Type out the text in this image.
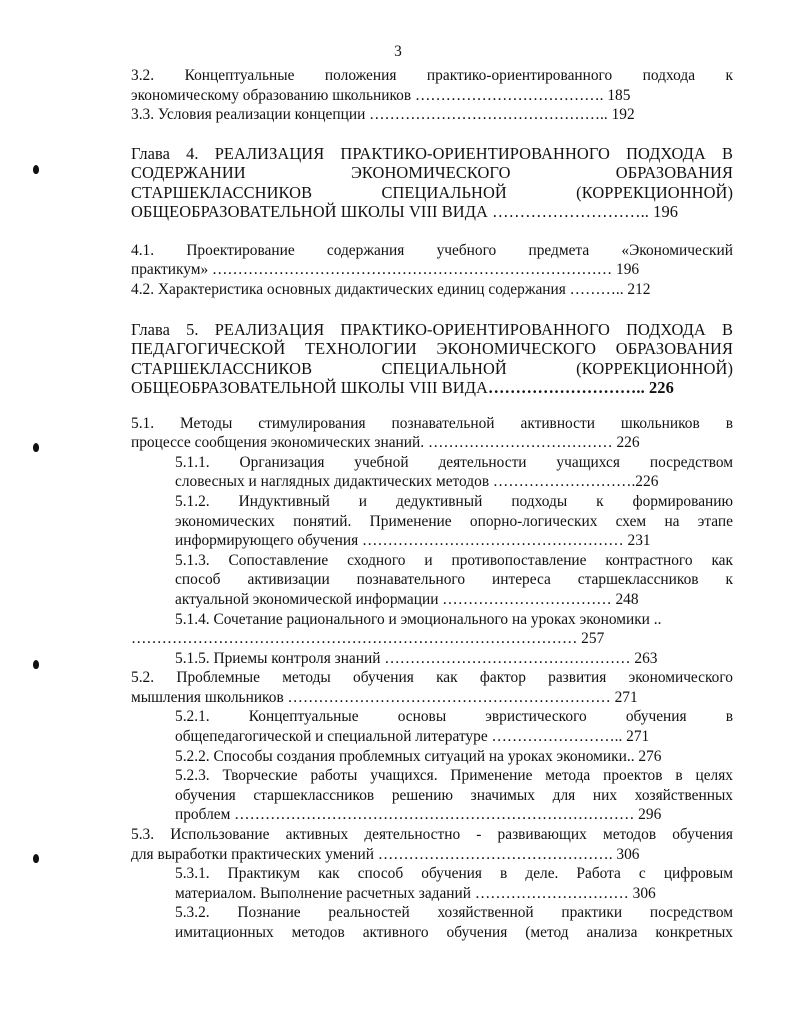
3
3.2. Концептуальные положения практико-ориентированного подхода к
экономическому образованию школьников ………………………………. 185
3.3. Условия реализации концепции ……………………………………….. 192
Глава 4. РЕАЛИЗАЦИЯ ПРАКТИКО-ОРИЕНТИРОВАННОГО ПОДХОДА В
СОДЕРЖАНИИ ЭКОНОМИЧЕСКОГО ОБРАЗОВАНИЯ
СТАРШЕКЛАССНИКОВ СПЕЦИАЛЬНОЙ (КОРРЕКЦИОННОЙ)
ОБЩЕОБРАЗОВАТЕЛЬНОЙ ШКОЛЫ VIII ВИДА ……………………….. 196
4.1. Проектирование содержания учебного предмета «Экономический
практикум» …………………………………………………………………… 196
4.2. Характеристика основных дидактических единиц содержания ……….. 212
Глава 5. РЕАЛИЗАЦИЯ ПРАКТИКО-ОРИЕНТИРОВАННОГО ПОДХОДА В
ПЕДАГОГИЧЕСКОЙ ТЕХНОЛОГИИ ЭКОНОМИЧЕСКОГО ОБРАЗОВАНИЯ
СТАРШЕКЛАССНИКОВ СПЕЦИАЛЬНОЙ (КОРРЕКЦИОННОЙ)
ОБЩЕОБРАЗОВАТЕЛЬНОЙ ШКОЛЫ VIII ВИДА……………………….. 226
5.1. Методы стимулирования познавательной активности школьников в
процессе сообщения экономических знаний. ……………………………… 226
5.1.1. Организация учебной деятельности учащихся посредством
словесных и наглядных дидактических методов ……………………….226
5.1.2. Индуктивный и дедуктивный подходы к формированию
экономических понятий. Применение опорно-логических схем на этапе
информирующего обучения …………………………………………… 231
5.1.3. Сопоставление сходного и противопоставление контрастного как
способ активизации познавательного интереса старшеклассников к
актуальной экономической информации …………………………… 248
5.1.4. Сочетание рационального и эмоционального на уроках экономики ..
…………………………………………………………………………… 257
5.1.5. Приемы контроля знаний ………………………………………… 263
5.2. Проблемные методы обучения как фактор развития экономического
мышления школьников ……………………………………………………… 271
5.2.1. Концептуальные основы эвристического обучения в
общепедагогической и специальной литературе …………………….. 271
5.2.2. Способы создания проблемных ситуаций на уроках экономики.. 276
5.2.3. Творческие работы учащихся. Применение метода проектов в целях
обучения старшеклассников решению значимых для них хозяйственных
проблем …………………………………………………………………… 296
5.3. Использование активных деятельностно - развивающих методов обучения
для выработки практических умений ………………………………………. 306
5.3.1. Практикум как способ обучения в деле. Работа с цифровым
материалом. Выполнение расчетных заданий ………………………… 306
5.3.2. Познание реальностей хозяйственной практики посредством
имитационных методов активного обучения (метод анализа конкретных
